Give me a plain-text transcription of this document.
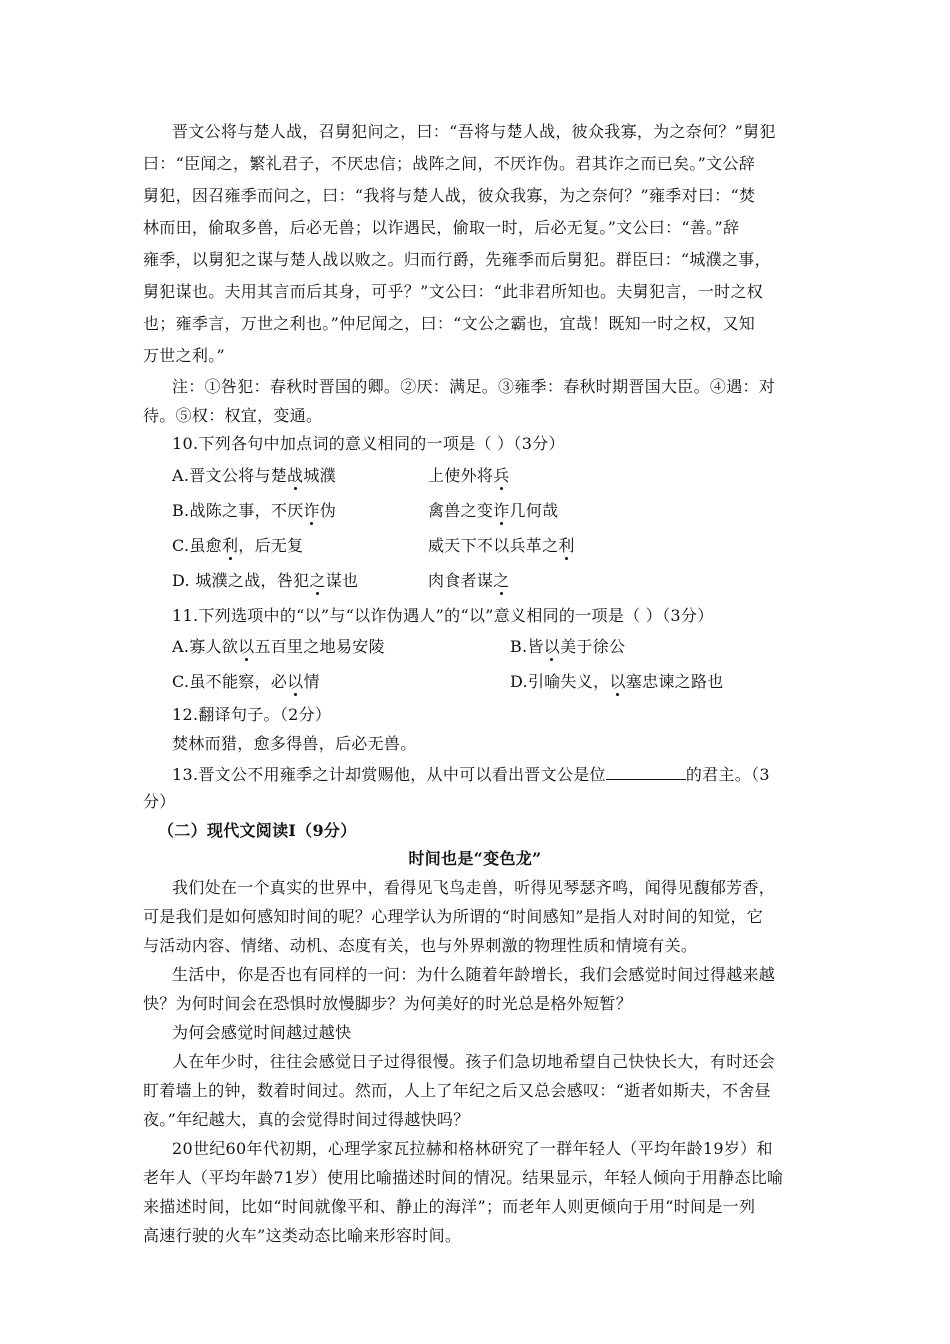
晋文公将与楚人战，召舅犯问之，曰：“吾将与楚人战，彼众我寡，为之奈何？”舅犯
曰：“臣闻之，繁礼君子，不厌忠信；战阵之间，不厌诈伪。君其诈之而已矣。”文公辞
舅犯，因召雍季而问之，曰：“我将与楚人战，彼众我寡，为之奈何？”雍季对曰：“焚
林而田，偷取多兽，后必无兽；以诈遇民，偷取一时，后必无复。”文公曰：“善。”辞
雍季，以舅犯之谋与楚人战以败之。归而行爵，先雍季而后舅犯。群臣曰：“城濮之事，
舅犯谋也。夫用其言而后其身，可乎？”文公曰：“此非君所知也。夫舅犯言，一时之权
也；雍季言，万世之利也。”仲尼闻之，曰：“文公之霸也，宜哉！既知一时之权，又知
万世之利。”
注：①咎犯：春秋时晋国的卿。②厌：满足。③雍季：春秋时期晋国大臣。④遇：对
待。⑤权：权宜，变通。
10.下列各句中加点词的意义相同的一项是（ ）（3分）
A.晋文公将与楚战城濮	上使外将兵
B.战陈之事，不厌诈伪	禽兽之变诈几何哉
C.虽愈利，后无复	威天下不以兵革之利
D. 城濮之战，咎犯之谋也	肉食者谋之
11.下列选项中的“以”与“以诈伪遇人”的“以”意义相同的一项是（ ）（3分）
A.寡人欲以五百里之地易安陵	B.皆以美于徐公
C.虽不能察，必以情	D.引喻失义，以塞忠谏之路也
12.翻译句子。（2分）
焚林而猎，愈多得兽，后必无兽。
13.晋文公不用雍季之计却赏赐他，从中可以看出晋文公是位	的君主。（3
分）
（二）现代文阅读Ⅰ（9分）
时间也是“变色龙”
我们处在一个真实的世界中，看得见飞鸟走兽，听得见琴瑟齐鸣，闻得见馥郁芳香，
可是我们是如何感知时间的呢？心理学认为所谓的“时间感知”是指人对时间的知觉，它
与活动内容、情绪、动机、态度有关，也与外界刺激的物理性质和情境有关。
生活中，你是否也有同样的一问：为什么随着年龄增长，我们会感觉时间过得越来越
快？为何时间会在恐惧时放慢脚步？为何美好的时光总是格外短暂？
为何会感觉时间越过越快
人在年少时，往往会感觉日子过得很慢。孩子们急切地希望自己快快长大，有时还会
盯着墙上的钟，数着时间过。然而，人上了年纪之后又总会感叹：“逝者如斯夫，不舍昼
夜。”年纪越大，真的会觉得时间过得越快吗？
20世纪60年代初期，心理学家瓦拉赫和格林研究了一群年轻人（平均年龄19岁）和
老年人（平均年龄71岁）使用比喻描述时间的情况。结果显示，年轻人倾向于用静态比喻
来描述时间，比如“时间就像平和、静止的海洋”；而老年人则更倾向于用“时间是一列
高速行驶的火车”这类动态比喻来形容时间。
